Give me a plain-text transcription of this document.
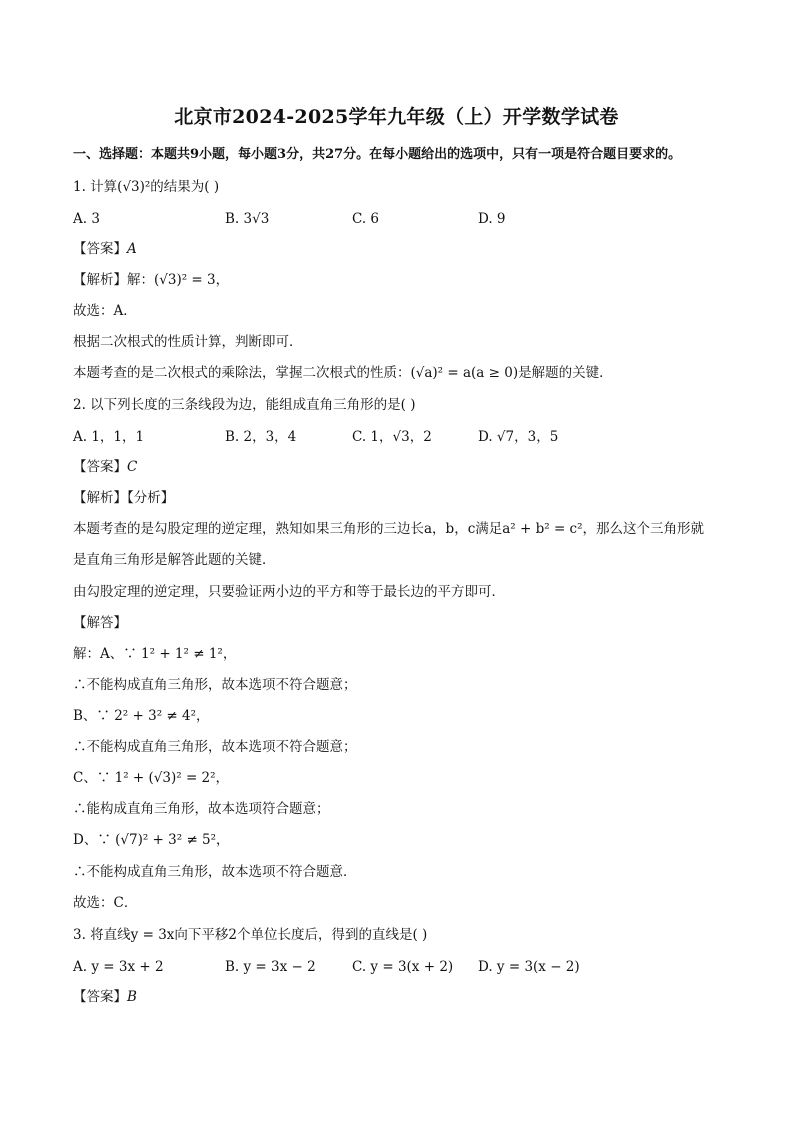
北京市2024-2025学年九年级（上）开学数学试卷
一、选择题：本题共9小题，每小题3分，共27分。在每小题给出的选项中，只有一项是符合题目要求的。
1. 计算(√3)²的结果为( )
A. 3	B. 3√3	C. 6	D. 9
【答案】A
【解析】解：(√3)² = 3，
故选：A．
根据二次根式的性质计算，判断即可．
本题考查的是二次根式的乘除法，掌握二次根式的性质：(√a)² = a(a ≥ 0)是解题的关键．
2. 以下列长度的三条线段为边，能组成直角三角形的是( )
A. 1，1，1	B. 2，3，4	C. 1，√3，2	D. √7，3，5
【答案】C
【解析】【分析】
本题考查的是勾股定理的逆定理，熟知如果三角形的三边长a，b，c满足a² + b² = c²，那么这个三角形就
是直角三角形是解答此题的关键．
由勾股定理的逆定理，只要验证两小边的平方和等于最长边的平方即可．
【解答】
解：A、∵ 1² + 1² ≠ 1²，
∴不能构成直角三角形，故本选项不符合题意；
B、∵ 2² + 3² ≠ 4²，
∴不能构成直角三角形，故本选项不符合题意；
C、∵ 1² + (√3)² = 2²，
∴能构成直角三角形，故本选项符合题意；
D、∵ (√7)² + 3² ≠ 5²，
∴不能构成直角三角形，故本选项不符合题意．
故选：C．
3. 将直线y = 3x向下平移2个单位长度后，得到的直线是( )
A. y = 3x + 2	B. y = 3x − 2	C. y = 3(x + 2) D. y = 3(x − 2)
【答案】B
